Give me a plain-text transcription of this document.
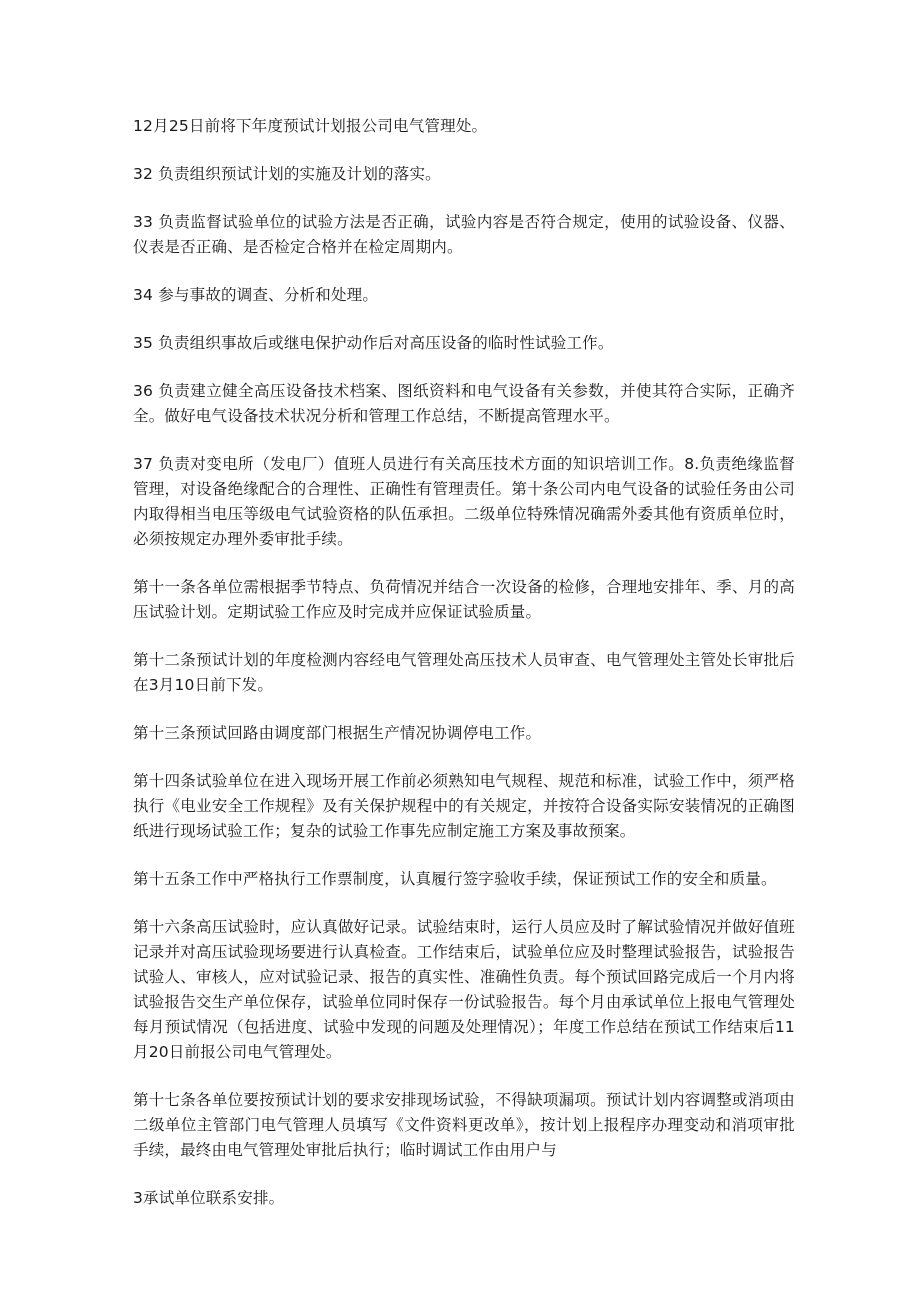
12月25日前将下年度预试计划报公司电气管理处。

32 负责组织预试计划的实施及计划的落实。

33 负责监督试验单位的试验方法是否正确，试验内容是否符合规定，使用的试验设备、仪器、仪表是否正确、是否检定合格并在检定周期内。

34 参与事故的调查、分析和处理。

35 负责组织事故后或继电保护动作后对高压设备的临时性试验工作。

36 负责建立健全高压设备技术档案、图纸资料和电气设备有关参数，并使其符合实际，正确齐全。做好电气设备技术状况分析和管理工作总结，不断提高管理水平。

37 负责对变电所（发电厂）值班人员进行有关高压技术方面的知识培训工作。8.负责绝缘监督管理，对设备绝缘配合的合理性、正确性有管理责任。第十条公司内电气设备的试验任务由公司内取得相当电压等级电气试验资格的队伍承担。二级单位特殊情况确需外委其他有资质单位时，必须按规定办理外委审批手续。

第十一条各单位需根据季节特点、负荷情况并结合一次设备的检修，合理地安排年、季、月的高压试验计划。定期试验工作应及时完成并应保证试验质量。

第十二条预试计划的年度检测内容经电气管理处高压技术人员审查、电气管理处主管处长审批后在3月10日前下发。

第十三条预试回路由调度部门根据生产情况协调停电工作。

第十四条试验单位在进入现场开展工作前必须熟知电气规程、规范和标准，试验工作中，须严格执行《电业安全工作规程》及有关保护规程中的有关规定，并按符合设备实际安装情况的正确图纸进行现场试验工作；复杂的试验工作事先应制定施工方案及事故预案。

第十五条工作中严格执行工作票制度，认真履行签字验收手续，保证预试工作的安全和质量。

第十六条高压试验时，应认真做好记录。试验结束时，运行人员应及时了解试验情况并做好值班记录并对高压试验现场要进行认真检查。工作结束后，试验单位应及时整理试验报告，试验报告试验人、审核人，应对试验记录、报告的真实性、准确性负责。每个预试回路完成后一个月内将试验报告交生产单位保存，试验单位同时保存一份试验报告。每个月由承试单位上报电气管理处每月预试情况（包括进度、试验中发现的问题及处理情况）；年度工作总结在预试工作结束后11月20日前报公司电气管理处。

第十七条各单位要按预试计划的要求安排现场试验，不得缺项漏项。预试计划内容调整或消项由二级单位主管部门电气管理人员填写《文件资料更改单》，按计划上报程序办理变动和消项审批手续，最终由电气管理处审批后执行；临时调试工作由用户与

3承试单位联系安排。
